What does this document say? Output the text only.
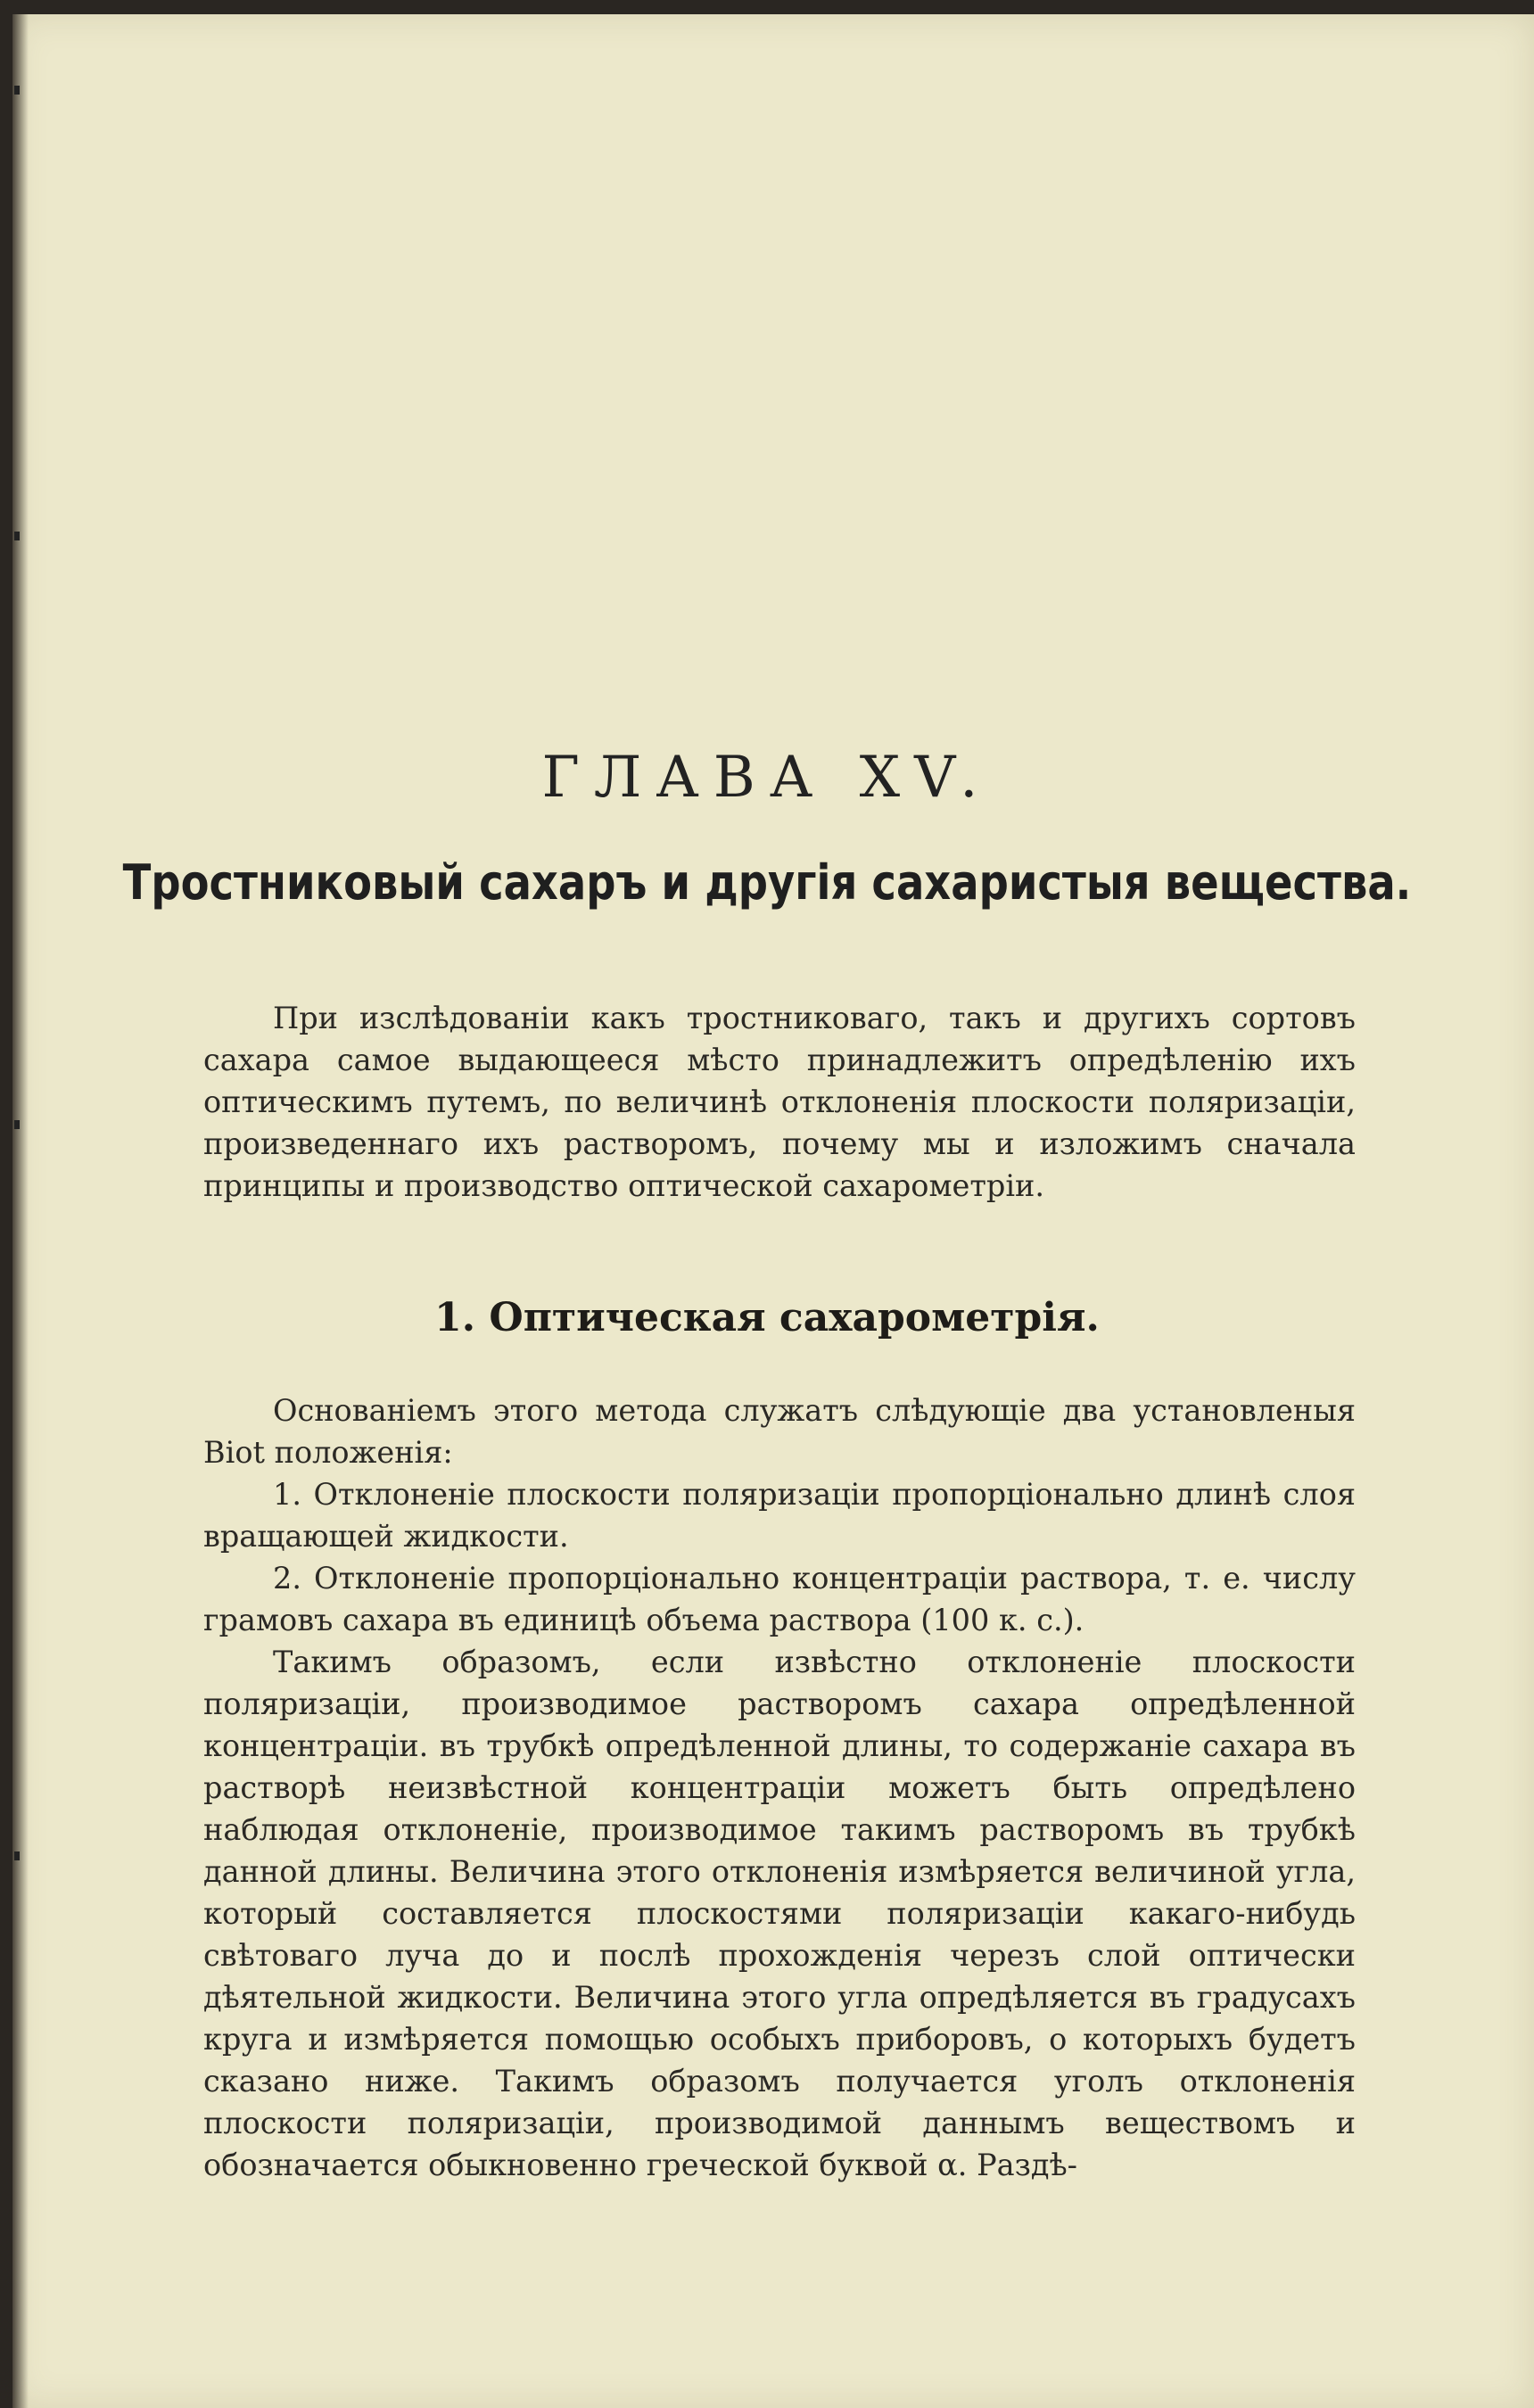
ГЛАВА XV.
Тростниковый сахаръ и другія сахаристыя вещества.

При изслѣдованіи какъ тростниковаго, такъ и другихъ сортовъ сахара самое выдающееся мѣсто принадлежитъ опредѣленію ихъ оптическимъ путемъ, по величинѣ отклоненія плоскости поляризаціи, произведеннаго ихъ растворомъ, почему мы и изложимъ сначала принципы и производство оптической сахарометріи.

1. Оптическая сахарометрія.

Основаніемъ этого метода служатъ слѣдующіе два установленыя Biot положенія:

1. Отклоненіе плоскости поляризаціи пропорціонально длинѣ слоя вращающей жидкости.

2. Отклоненіе пропорціонально концентраціи раствора, т. е. числу грамовъ сахара въ единицѣ объема раствора (100 к. с.).

Такимъ образомъ, если извѣстно отклоненіе плоскости поляризаціи, производимое растворомъ сахара опредѣленной концентраціи. въ трубкѣ опредѣленной длины, то содержаніе сахара въ растворѣ неизвѣстной концентраціи можетъ быть опредѣлено наблюдая отклоненіе, производимое такимъ растворомъ въ трубкѣ данной длины. Величина этого отклоненія измѣряется величиной угла, который составляется плоскостями поляризаціи какаго-нибудь свѣтоваго луча до и послѣ прохожденія черезъ слой оптически дѣятельной жидкости. Величина этого угла опредѣляется въ градусахъ круга и измѣряется помощью особыхъ приборовъ, о которыхъ будетъ сказано ниже. Такимъ образомъ получается уголъ отклоненія плоскости поляризаціи, производимой даннымъ веществомъ и обозначается обыкновенно греческой буквой α. Раздѣ-
